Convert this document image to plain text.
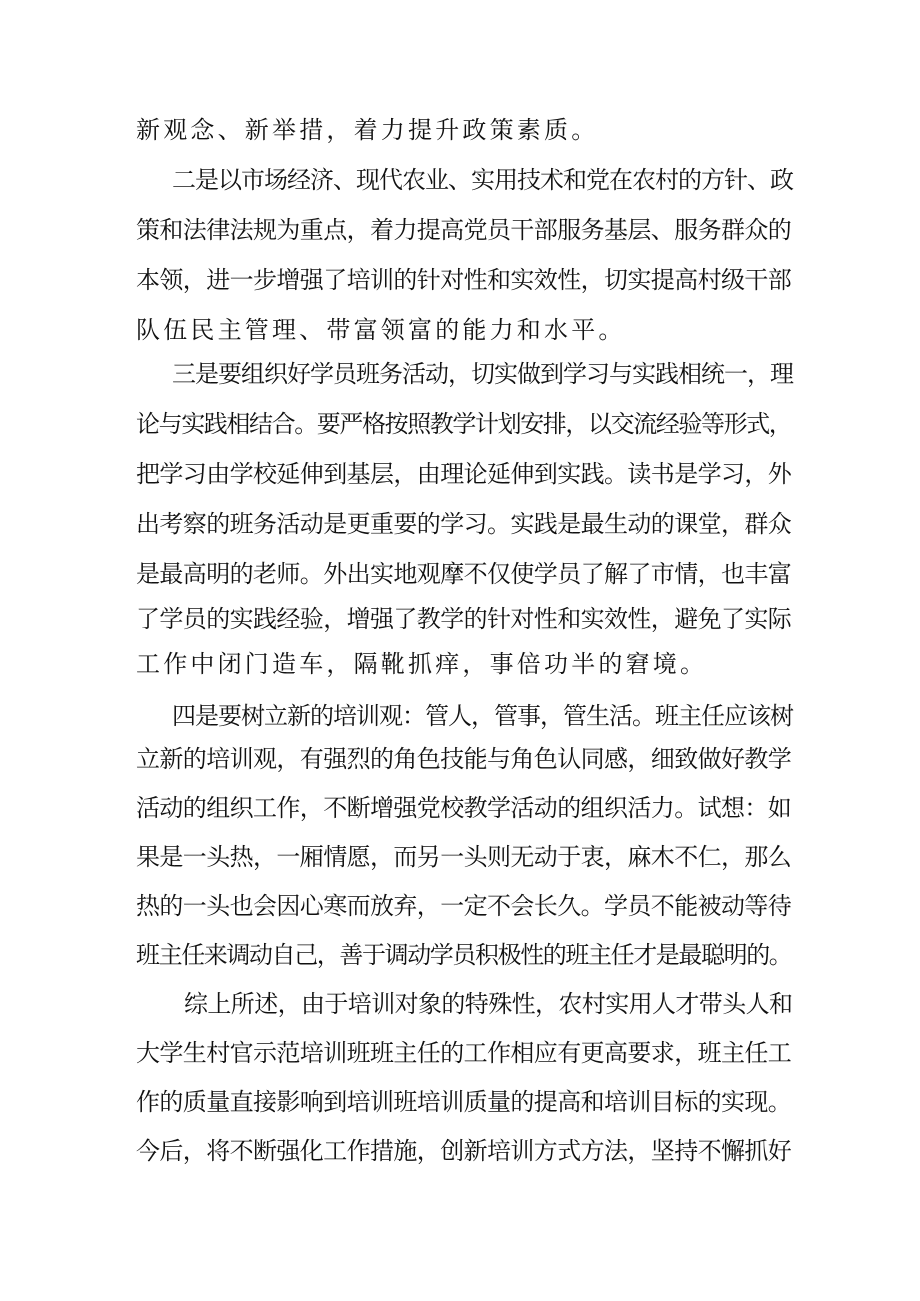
新观念、新举措，着力提升政策素质。
二是以市场经济、现代农业、实用技术和党在农村的方针、政
策和法律法规为重点，着力提高党员干部服务基层、服务群众的
本领，进一步增强了培训的针对性和实效性，切实提高村级干部
队伍民主管理、带富领富的能力和水平。
三是要组织好学员班务活动，切实做到学习与实践相统一，理
论与实践相结合。要严格按照教学计划安排，以交流经验等形式，
把学习由学校延伸到基层，由理论延伸到实践。读书是学习，外
出考察的班务活动是更重要的学习。实践是最生动的课堂，群众
是最高明的老师。外出实地观摩不仅使学员了解了市情，也丰富
了学员的实践经验，增强了教学的针对性和实效性，避免了实际
工作中闭门造车，隔靴抓痒，事倍功半的窘境。
四是要树立新的培训观：管人，管事，管生活。班主任应该树
立新的培训观，有强烈的角色技能与角色认同感，细致做好教学
活动的组织工作，不断增强党校教学活动的组织活力。试想：如
果是一头热，一厢情愿，而另一头则无动于衷，麻木不仁，那么
热的一头也会因心寒而放弃，一定不会长久。学员不能被动等待
班主任来调动自己，善于调动学员积极性的班主任才是最聪明的。
综上所述，由于培训对象的特殊性，农村实用人才带头人和
大学生村官示范培训班班主任的工作相应有更高要求，班主任工
作的质量直接影响到培训班培训质量的提高和培训目标的实现。
今后，将不断强化工作措施，创新培训方式方法，坚持不懈抓好
